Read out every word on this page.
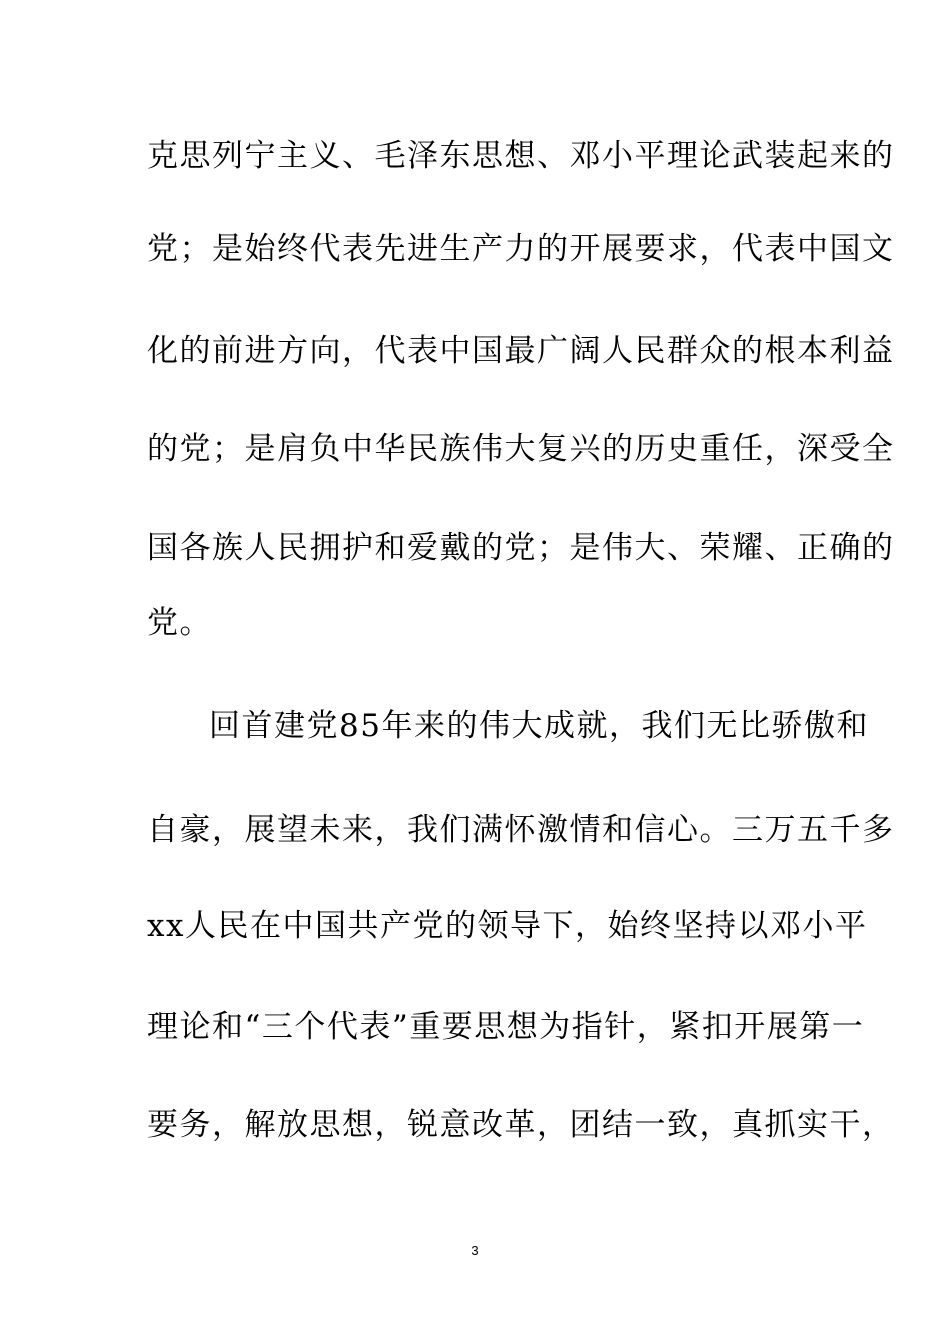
克思列宁主义、毛泽东思想、邓小平理论武装起来的
党；是始终代表先进生产力的开展要求，代表中国文
化的前进方向，代表中国最广阔人民群众的根本利益
的党；是肩负中华民族伟大复兴的历史重任，深受全
国各族人民拥护和爱戴的党；是伟大、荣耀、正确的
党。
回首建党85年来的伟大成就，我们无比骄傲和
自豪，展望未来，我们满怀激情和信心。三万五千多
xx人民在中国共产党的领导下，始终坚持以邓小平
理论和“三个代表”重要思想为指针，紧扣开展第一
要务，解放思想，锐意改革，团结一致，真抓实干，
3
